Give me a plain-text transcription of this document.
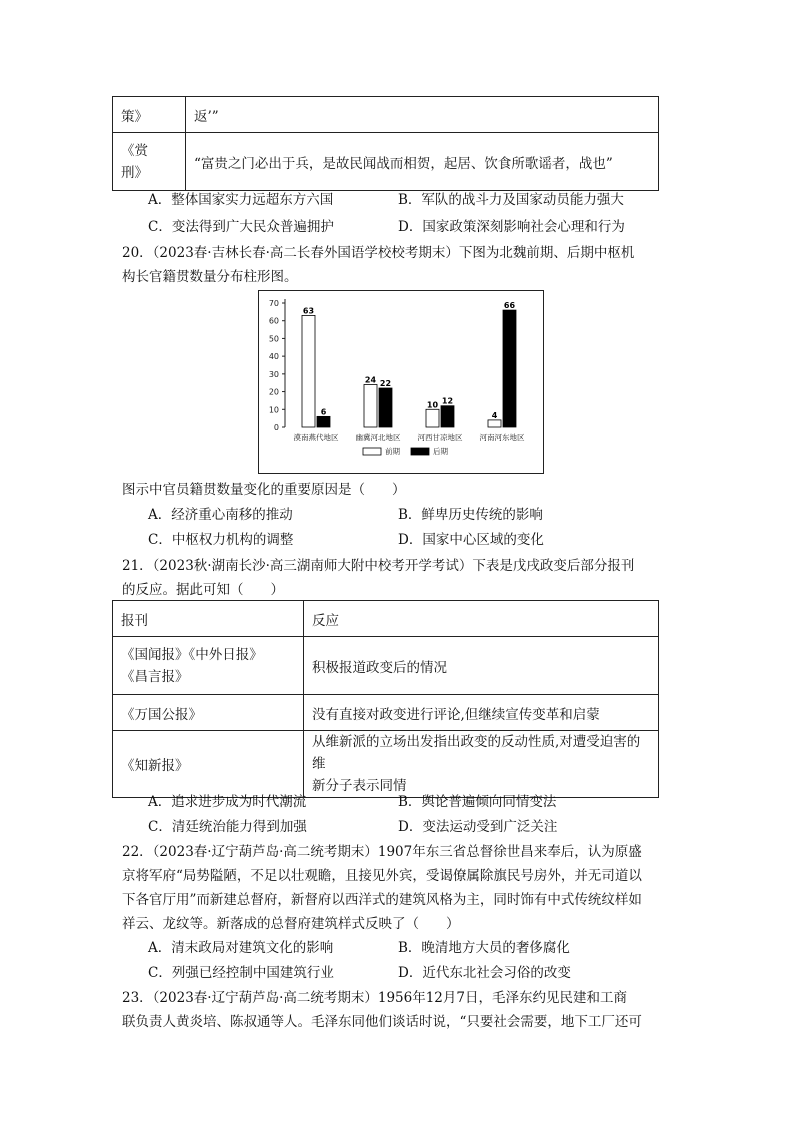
策》	返’”
《赏刑》	“富贵之门必出于兵，是故民闻战而相贺，起居、饮食所歌谣者，战也”
A．整体国家实力远超东方六国	B．军队的战斗力及国家动员能力强大
C．变法得到广大民众普遍拥护	D．国家政策深刻影响社会心理和行为
20．（2023春·吉林长春·高二长春外国语学校校考期末）下图为北魏前期、后期中枢机
构长官籍贯数量分布柱形图。
0
10
20
30
40
50
60
70
63
6
漠南燕代地区
24 22
幽冀河北地区
10 12
河西甘凉地区
4
66
河南河东地区
前期	后期
图示中官员籍贯数量变化的重要原因是（　　）
A．经济重心南移的推动	B．鲜卑历史传统的影响
C．中枢权力机构的调整	D．国家中心区域的变化
21．（2023秋·湖南长沙·高三湖南师大附中校考开学考试）下表是戊戌政变后部分报刊
的反应。据此可知（　　）
报刊	反应

《国闻报》《中外日报》
《昌言报》	积极报道政变后的情况
《万国公报》	没有直接对政变进行评论,但继续宣传变革和启蒙
《知新报》	从维新派的立场出发指出政变的反动性质,对遭受迫害的维
新分子表示同情
A．追求进步成为时代潮流	B．舆论普遍倾向同情变法
C．清廷统治能力得到加强	D．变法运动受到广泛关注
22．（2023春·辽宁葫芦岛·高二统考期末）1907年东三省总督徐世昌来奉后，认为原盛
京将军府“局势隘陋，不足以壮观瞻，且接见外宾，受谒僚属除旗民号房外，并无司道以
下各官厅用”而新建总督府，新督府以西洋式的建筑风格为主，同时饰有中式传统纹样如
祥云、龙纹等。新落成的总督府建筑样式反映了（　　）
A．清末政局对建筑文化的影响	B．晚清地方大员的奢侈腐化
C．列强已经控制中国建筑行业	D．近代东北社会习俗的改变
23．（2023春·辽宁葫芦岛·高二统考期末）1956年12月7日，毛泽东约见民建和工商
联负责人黄炎培、陈叔通等人。毛泽东同他们谈话时说，“只要社会需要，地下工厂还可
